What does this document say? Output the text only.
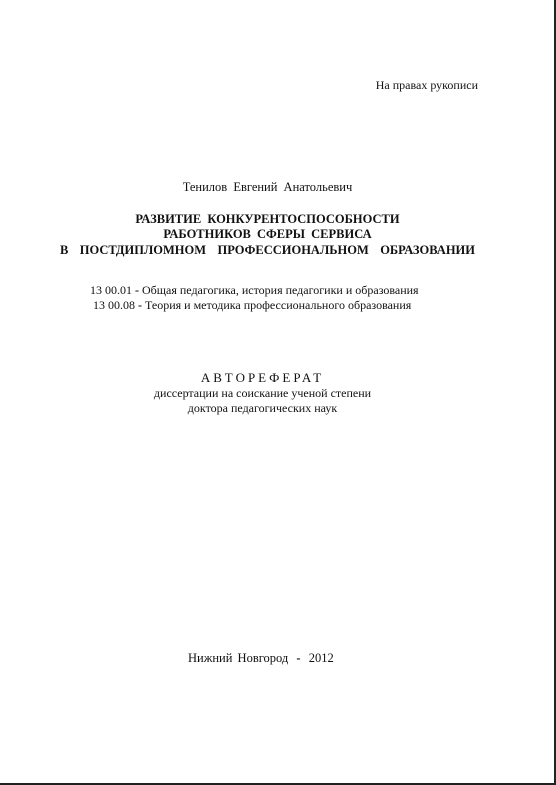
На правах рукописи
Тенилов Евгений Анатольевич
РАЗВИТИЕ КОНКУРЕНТОСПОСОБНОСТИ
РАБОТНИКОВ СФЕРЫ СЕРВИСА
В ПОСТДИПЛОМНОМ ПРОФЕССИОНАЛЬНОМ ОБРАЗОВАНИИ
13 00.01 - Общая педагогика, история педагогики и образования
13 00.08 - Теория и методика профессионального образования
АВТОРЕФЕРАТ
диссертации на соискание ученой степени
доктора педагогических наук
Нижний Новгород - 2012
